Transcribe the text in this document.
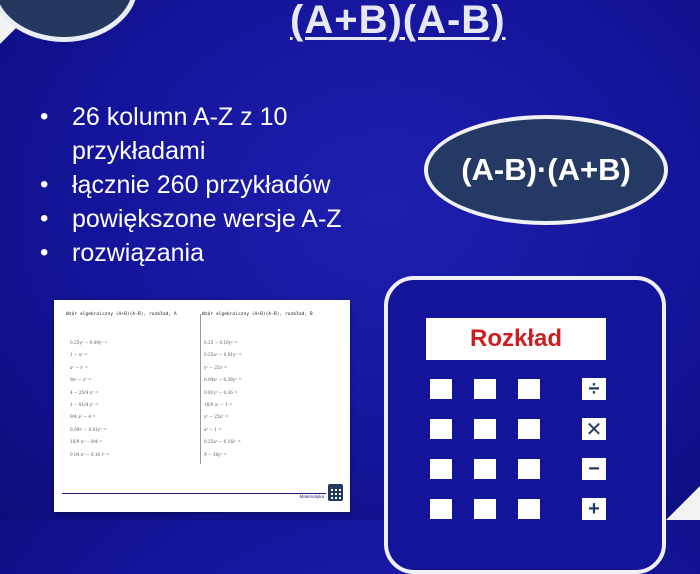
(A+B)(A-B)
• 26 kolumn A-Z z 10 przykładami
• łącznie 260 przykładów
• powiększone wersje A-Z
• rozwiązania
(A-B)·(A+B)
Wzór algebraiczny (A+B)(A-B), rozkład, A	Wzór algebraiczny (A+B)(A-B), rozkład, B
Matematyka
0.25y² − 0.49y² =
1 − x² =
x² − i² =
9x² − z² =
4 − 25/4 x² =
1 − 81/4 y² =
9/4 a² − 4 =
0.09i² − 0.01y² =
16/9 x² − 9/4 =
0.04 x² − 0.16 i² =
0.25 − 0.16y² =
0.25a² − 0.01y² =
y² − 25i² =
0.04x² − 0.36y² =
0.81y² − 0.36 =
16/9 a² − 1 =
y² − 25x² =
a² − 1 =
0.25a² − 0.16i² =
9 − 16y² =
Rozkład
÷
✕
−
+
